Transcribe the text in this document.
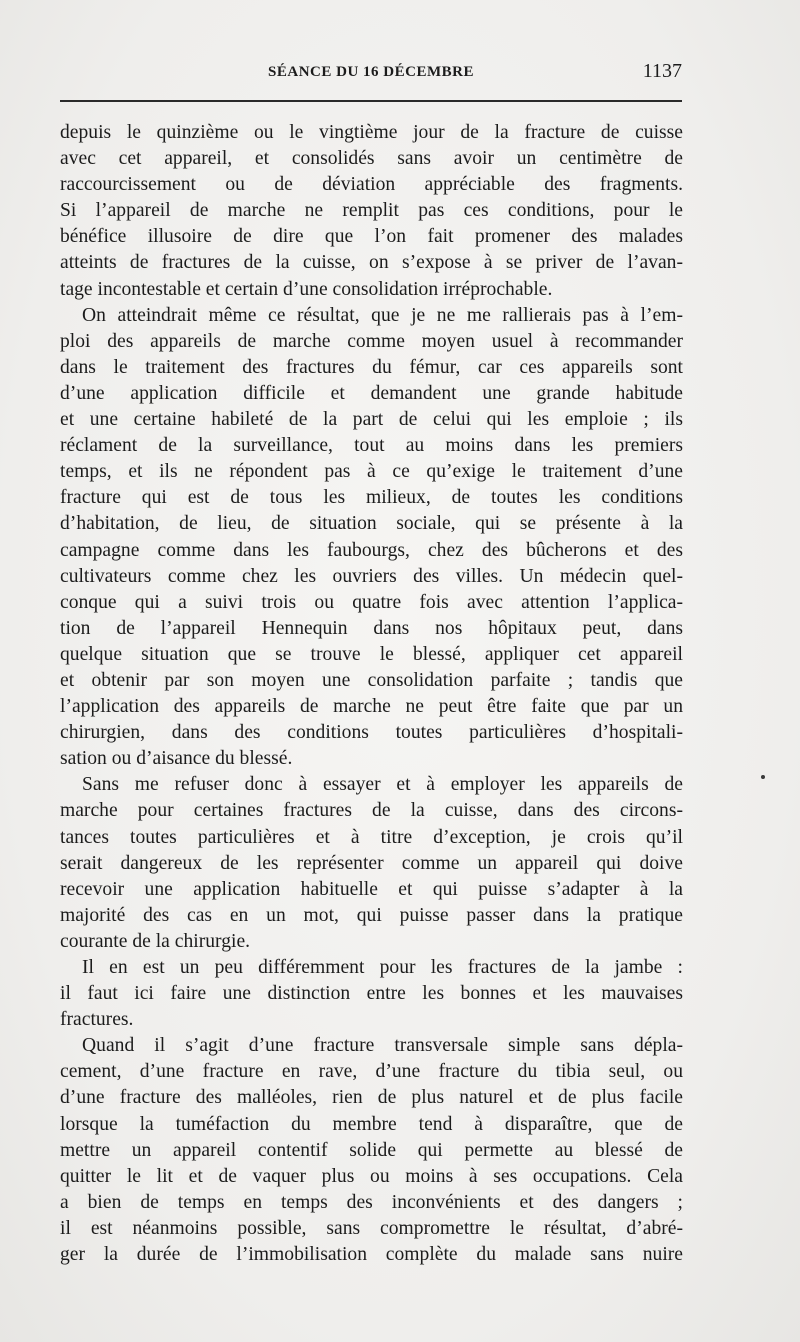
SÉANCE DU 16 DÉCEMBRE	1137
depuis le quinzième ou le vingtième jour de la fracture de cuisse
avec cet appareil, et consolidés sans avoir un centimètre de
raccourcissement ou de déviation appréciable des fragments.
Si l’appareil de marche ne remplit pas ces conditions, pour le
bénéfice illusoire de dire que l’on fait promener des malades
atteints de fractures de la cuisse, on s’expose à se priver de l’avan-
tage incontestable et certain d’une consolidation irréprochable.
On atteindrait même ce résultat, que je ne me rallierais pas à l’em-
ploi des appareils de marche comme moyen usuel à recommander
dans le traitement des fractures du fémur, car ces appareils sont
d’une application difficile et demandent une grande habitude
et une certaine habileté de la part de celui qui les emploie ; ils
réclament de la surveillance, tout au moins dans les premiers
temps, et ils ne répondent pas à ce qu’exige le traitement d’une
fracture qui est de tous les milieux, de toutes les conditions
d’habitation, de lieu, de situation sociale, qui se présente à la
campagne comme dans les faubourgs, chez des bûcherons et des
cultivateurs comme chez les ouvriers des villes. Un médecin quel-
conque qui a suivi trois ou quatre fois avec attention l’applica-
tion de l’appareil Hennequin dans nos hôpitaux peut, dans
quelque situation que se trouve le blessé, appliquer cet appareil
et obtenir par son moyen une consolidation parfaite ; tandis que
l’application des appareils de marche ne peut être faite que par un
chirurgien, dans des conditions toutes particulières d’hospitali-
sation ou d’aisance du blessé.
Sans me refuser donc à essayer et à employer les appareils de
marche pour certaines fractures de la cuisse, dans des circons-
tances toutes particulières et à titre d’exception, je crois qu’il
serait dangereux de les représenter comme un appareil qui doive
recevoir une application habituelle et qui puisse s’adapter à la
majorité des cas en un mot, qui puisse passer dans la pratique
courante de la chirurgie.
Il en est un peu différemment pour les fractures de la jambe :
il faut ici faire une distinction entre les bonnes et les mauvaises
fractures.
Quand il s’agit d’une fracture transversale simple sans dépla-
cement, d’une fracture en rave, d’une fracture du tibia seul, ou
d’une fracture des malléoles, rien de plus naturel et de plus facile
lorsque la tuméfaction du membre tend à disparaître, que de
mettre un appareil contentif solide qui permette au blessé de
quitter le lit et de vaquer plus ou moins à ses occupations. Cela
a bien de temps en temps des inconvénients et des dangers ;
il est néanmoins possible, sans compromettre le résultat, d’abré-
ger la durée de l’immobilisation complète du malade sans nuire
